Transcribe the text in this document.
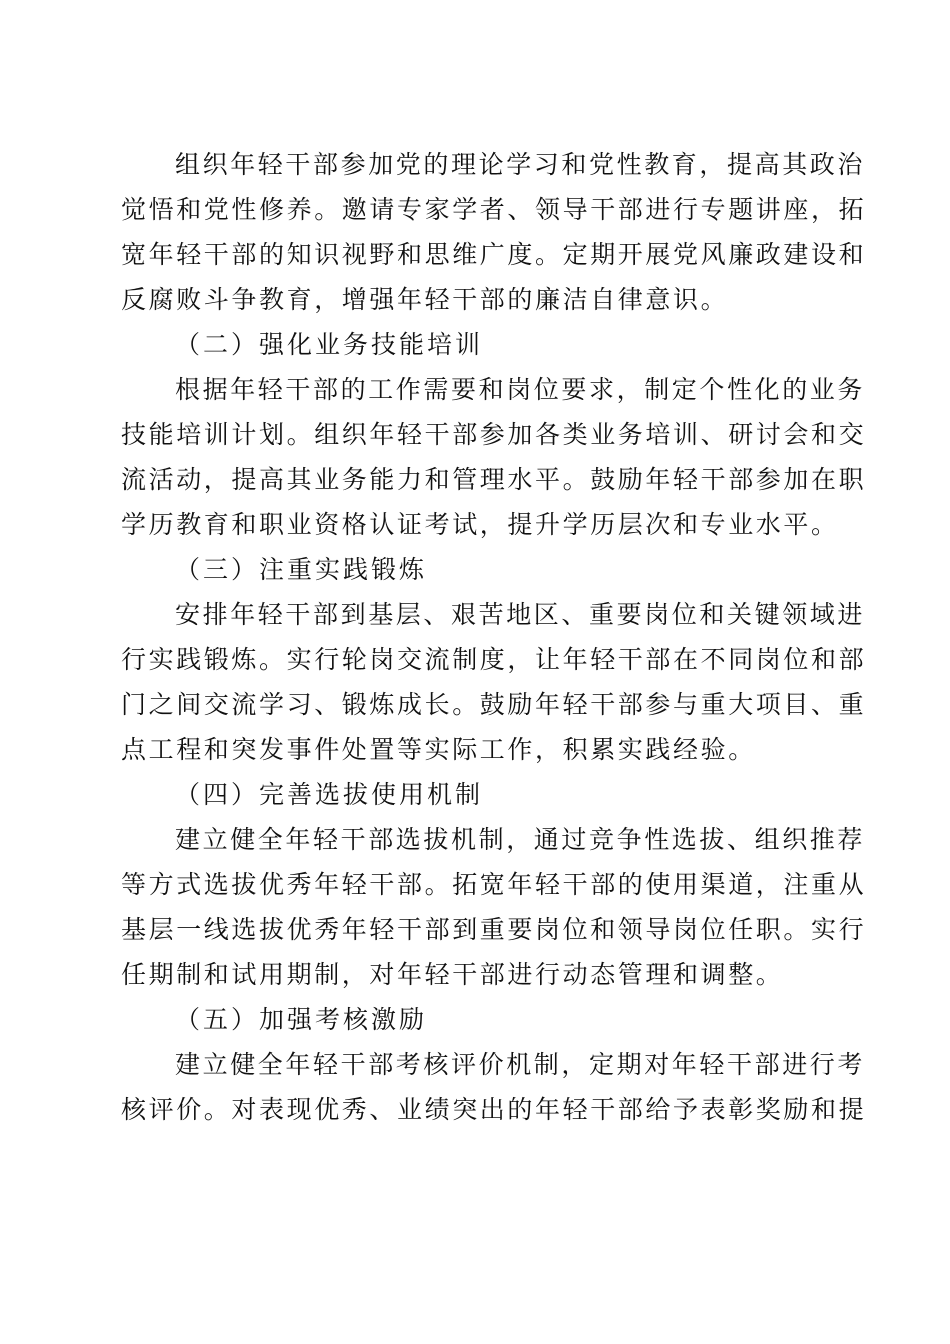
组织年轻干部参加党的理论学习和党性教育，提高其政治
觉悟和党性修养。邀请专家学者、领导干部进行专题讲座，拓
宽年轻干部的知识视野和思维广度。定期开展党风廉政建设和
反腐败斗争教育，增强年轻干部的廉洁自律意识。

（二）强化业务技能培训

根据年轻干部的工作需要和岗位要求，制定个性化的业务
技能培训计划。组织年轻干部参加各类业务培训、研讨会和交
流活动，提高其业务能力和管理水平。鼓励年轻干部参加在职
学历教育和职业资格认证考试，提升学历层次和专业水平。

（三）注重实践锻炼

安排年轻干部到基层、艰苦地区、重要岗位和关键领域进
行实践锻炼。实行轮岗交流制度，让年轻干部在不同岗位和部
门之间交流学习、锻炼成长。鼓励年轻干部参与重大项目、重
点工程和突发事件处置等实际工作，积累实践经验。

（四）完善选拔使用机制

建立健全年轻干部选拔机制，通过竞争性选拔、组织推荐
等方式选拔优秀年轻干部。拓宽年轻干部的使用渠道，注重从
基层一线选拔优秀年轻干部到重要岗位和领导岗位任职。实行
任期制和试用期制，对年轻干部进行动态管理和调整。

（五）加强考核激励

建立健全年轻干部考核评价机制，定期对年轻干部进行考
核评价。对表现优秀、业绩突出的年轻干部给予表彰奖励和提
